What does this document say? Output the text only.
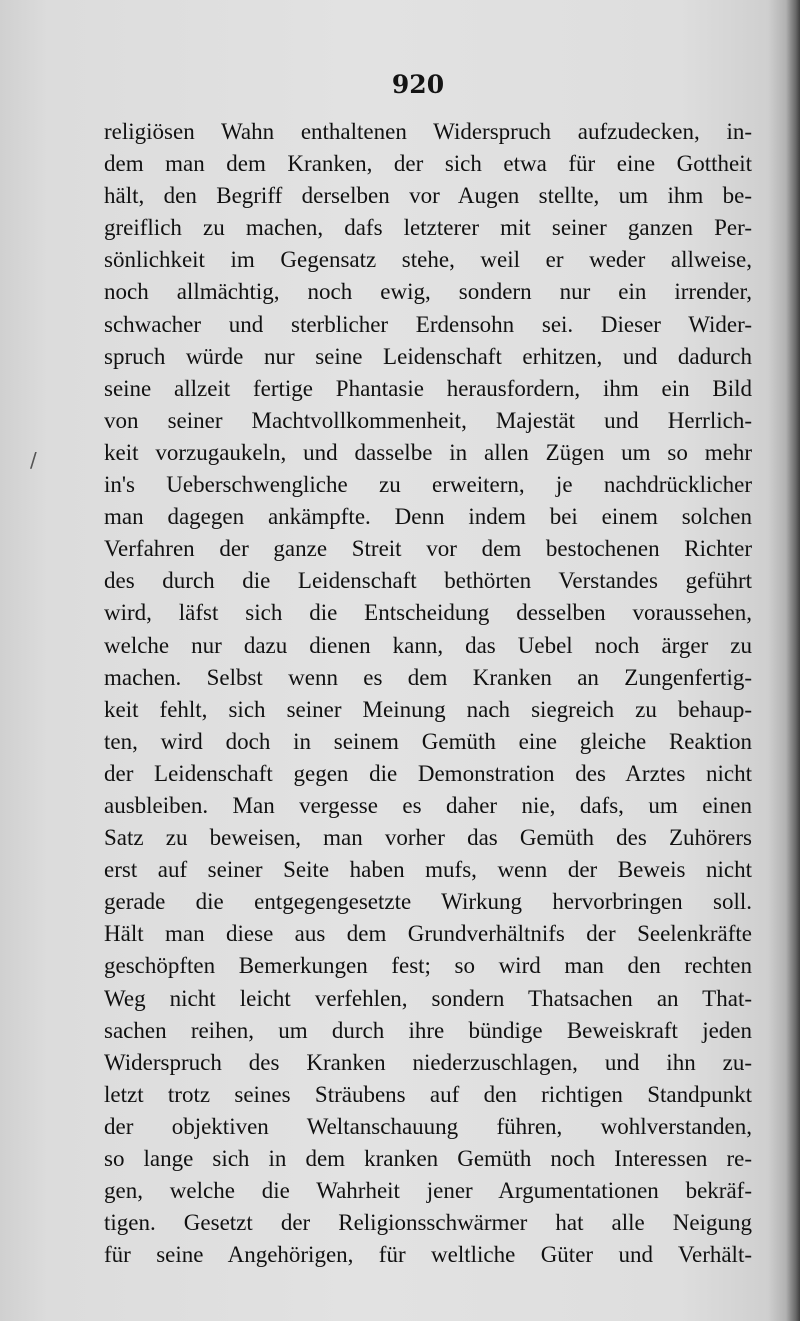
920
religiösen Wahn enthaltenen Widerspruch aufzudecken, in-
dem man dem Kranken, der sich etwa für eine Gottheit
hält, den Begriff derselben vor Augen stellte, um ihm be-
greiflich zu machen, dafs letzterer mit seiner ganzen Per-
sönlichkeit im Gegensatz stehe, weil er weder allweise,
noch allmächtig, noch ewig, sondern nur ein irrender,
schwacher und sterblicher Erdensohn sei. Dieser Wider-
spruch würde nur seine Leidenschaft erhitzen, und dadurch
seine allzeit fertige Phantasie herausfordern, ihm ein Bild
von seiner Machtvollkommenheit, Majestät und Herrlich-
keit vorzugaukeln, und dasselbe in allen Zügen um so mehr
in's Ueberschwengliche zu erweitern, je nachdrücklicher
man dagegen ankämpfte. Denn indem bei einem solchen
Verfahren der ganze Streit vor dem bestochenen Richter
des durch die Leidenschaft bethörten Verstandes geführt
wird, läfst sich die Entscheidung desselben voraussehen,
welche nur dazu dienen kann, das Uebel noch ärger zu
machen. Selbst wenn es dem Kranken an Zungenfertig-
keit fehlt, sich seiner Meinung nach siegreich zu behaup-
ten, wird doch in seinem Gemüth eine gleiche Reaktion
der Leidenschaft gegen die Demonstration des Arztes nicht
ausbleiben. Man vergesse es daher nie, dafs, um einen
Satz zu beweisen, man vorher das Gemüth des Zuhörers
erst auf seiner Seite haben mufs, wenn der Beweis nicht
gerade die entgegengesetzte Wirkung hervorbringen soll.
Hält man diese aus dem Grundverhältnifs der Seelenkräfte
geschöpften Bemerkungen fest; so wird man den rechten
Weg nicht leicht verfehlen, sondern Thatsachen an That-
sachen reihen, um durch ihre bündige Beweiskraft jeden
Widerspruch des Kranken niederzuschlagen, und ihn zu-
letzt trotz seines Sträubens auf den richtigen Standpunkt
der objektiven Weltanschauung führen, wohlverstanden,
so lange sich in dem kranken Gemüth noch Interessen re-
gen, welche die Wahrheit jener Argumentationen bekräf-
tigen. Gesetzt der Religionsschwärmer hat alle Neigung
für seine Angehörigen, für weltliche Güter und Verhält-
/
